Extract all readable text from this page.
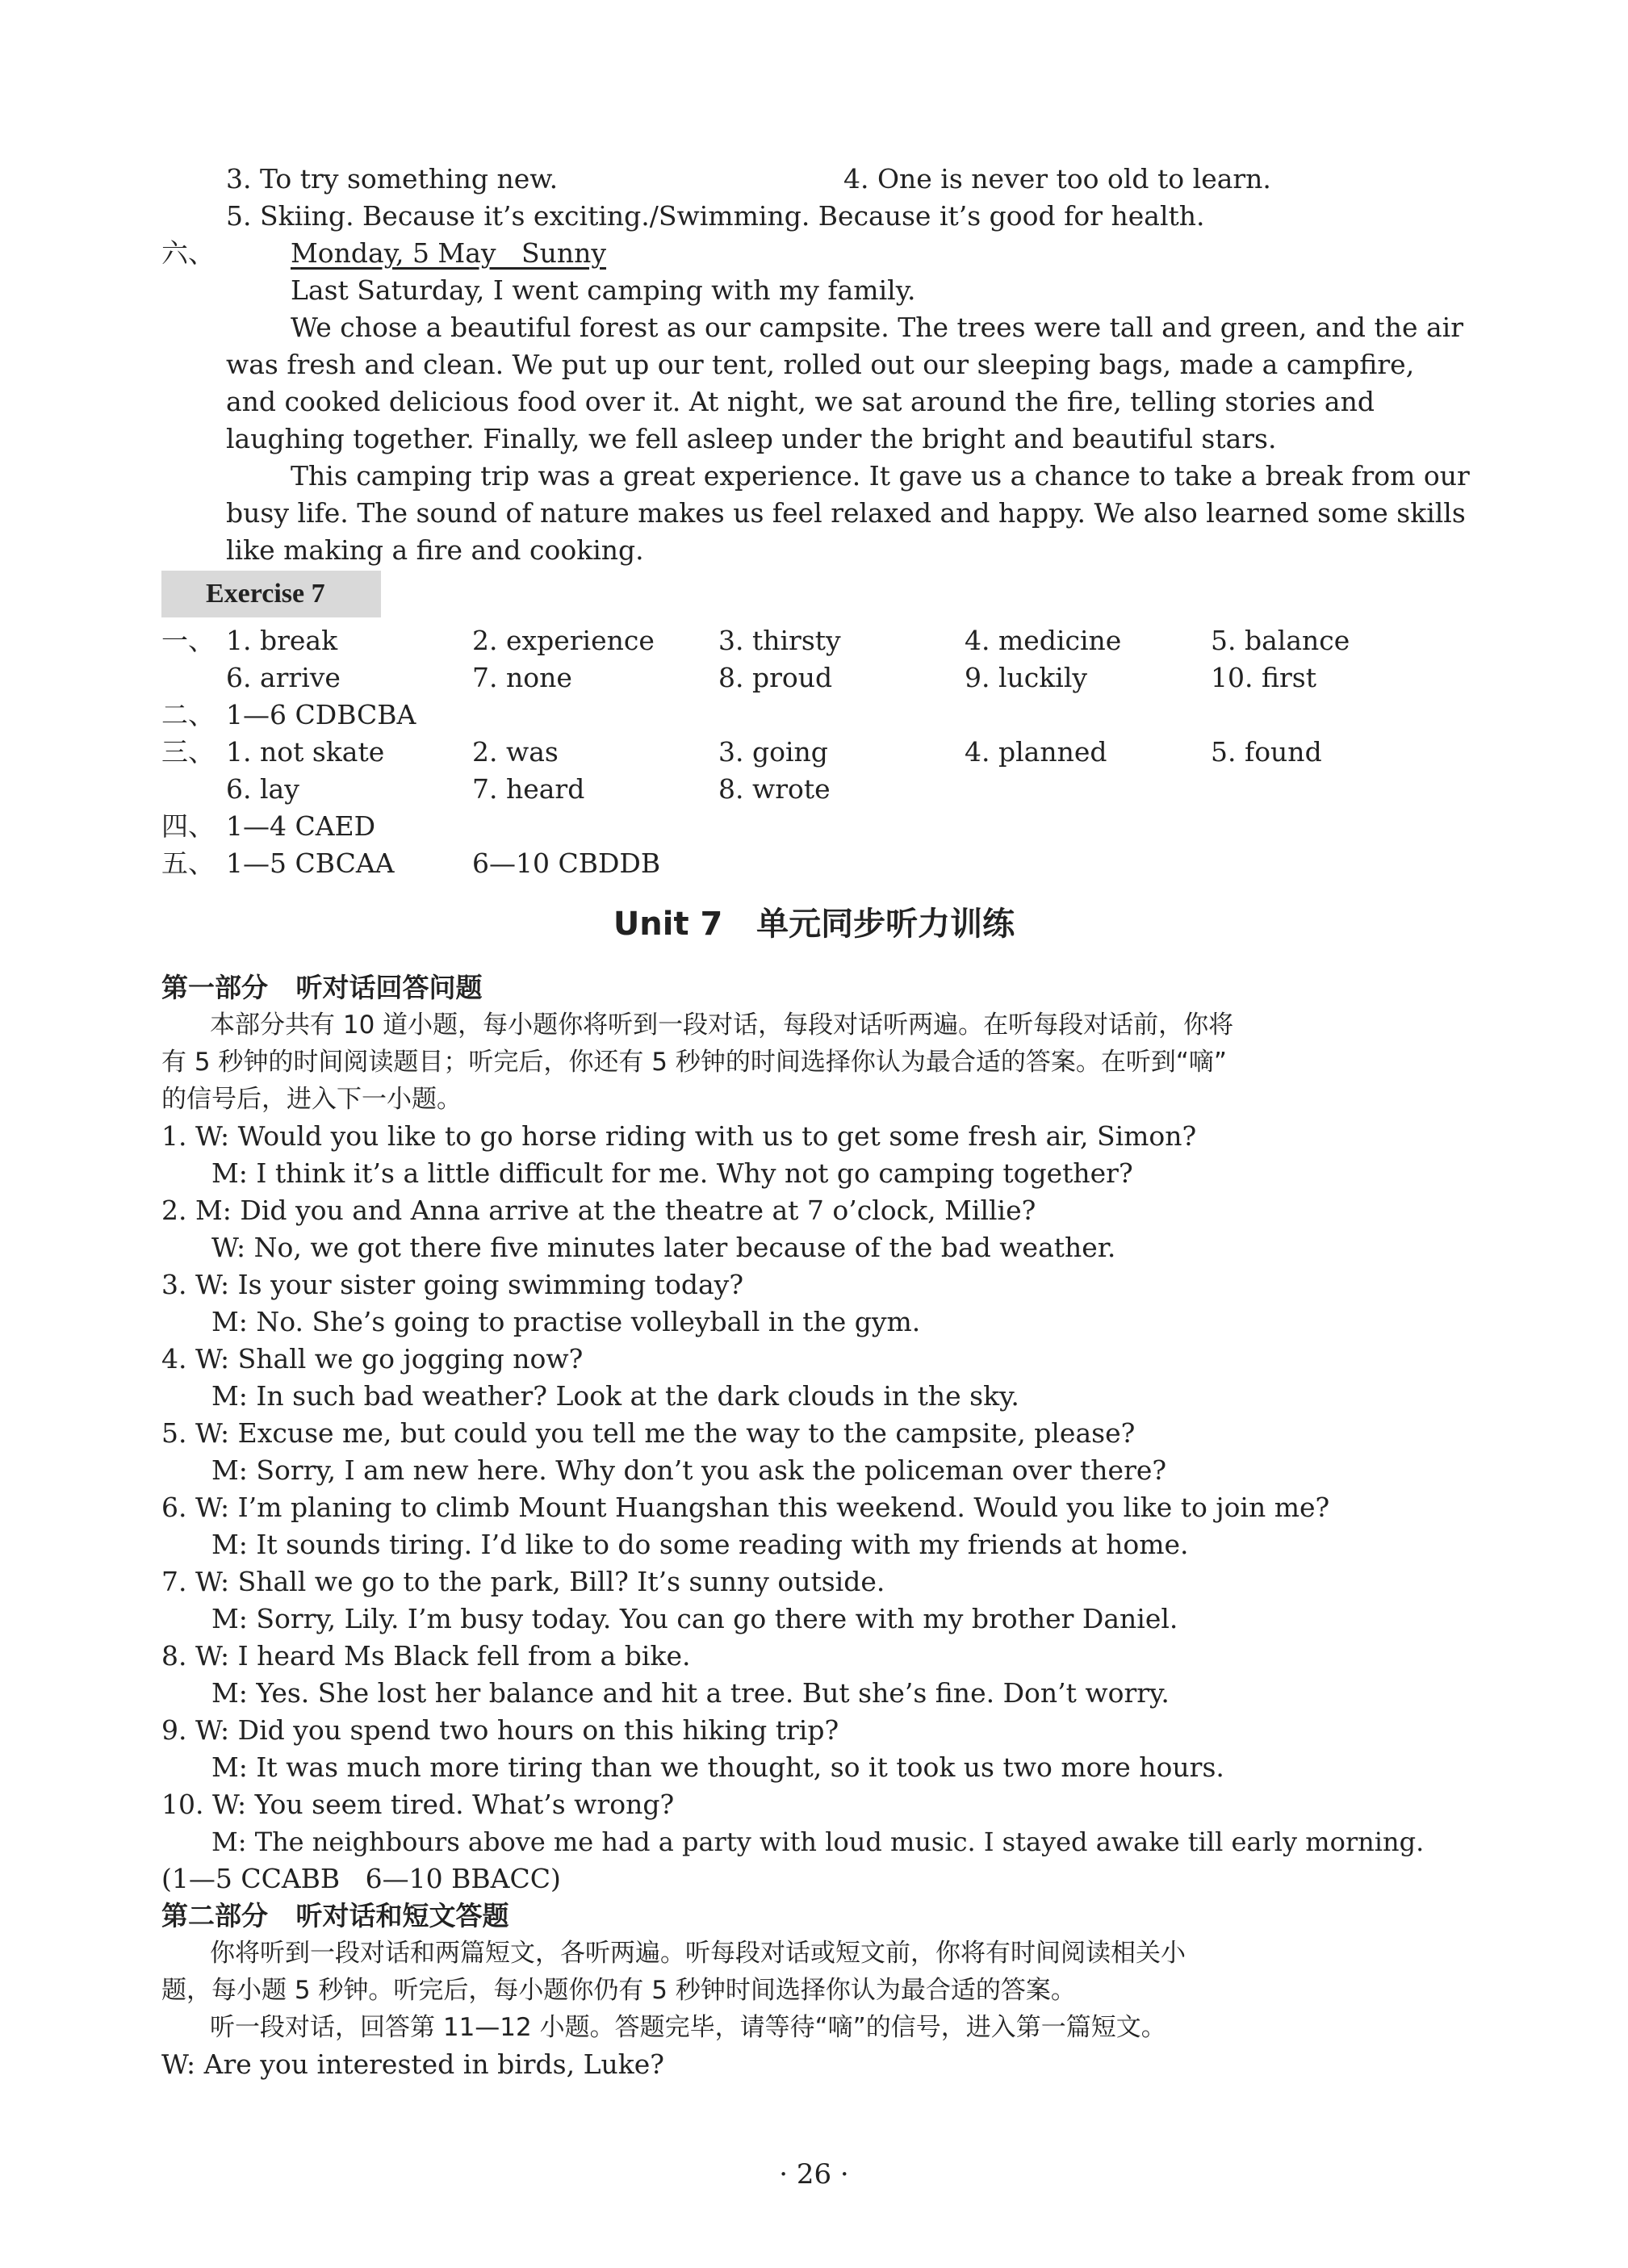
3. To try something new.	4. One is never too old to learn.
5. Skiing. Because it’s exciting./Swimming. Because it’s good for health.
六、	Monday, 5 May   Sunny
Last Saturday, I went camping with my family.
We chose a beautiful forest as our campsite. The trees were tall and green, and the air
was fresh and clean. We put up our tent, rolled out our sleeping bags, made a campfire,
and cooked delicious food over it. At night, we sat around the fire, telling stories and
laughing together. Finally, we fell asleep under the bright and beautiful stars.
This camping trip was a great experience. It gave us a chance to take a break from our
busy life. The sound of nature makes us feel relaxed and happy. We also learned some skills
like making a fire and cooking.
Exercise 7
一、 1. break	2. experience 3. thirsty	4. medicine	5. balance
6. arrive	7. none	8. proud	9. luckily	10. first
二、 1—6 CDBCBA
三、 1. not skate	2. was	3. going	4. planned	5. found
6. lay	7. heard	8. wrote
四、 1—4 CAED
五、 1—5 CBCAA	6—10 CBDDB
Unit 7   单元同步听力训练
第一部分   听对话回答问题
本部分共有 10 道小题，每小题你将听到一段对话，每段对话听两遍。在听每段对话前，你将
有 5 秒钟的时间阅读题目；听完后，你还有 5 秒钟的时间选择你认为最合适的答案。在听到“嘀”
的信号后，进入下一小题。
1. W: Would you like to go horse riding with us to get some fresh air, Simon?
M: I think it’s a little difficult for me. Why not go camping together?
2. M: Did you and Anna arrive at the theatre at 7 o’clock, Millie?
W: No, we got there five minutes later because of the bad weather.
3. W: Is your sister going swimming today?
M: No. She’s going to practise volleyball in the gym.
4. W: Shall we go jogging now?
M: In such bad weather? Look at the dark clouds in the sky.
5. W: Excuse me, but could you tell me the way to the campsite, please?
M: Sorry, I am new here. Why don’t you ask the policeman over there?
6. W: I’m planing to climb Mount Huangshan this weekend. Would you like to join me?
M: It sounds tiring. I’d like to do some reading with my friends at home.
7. W: Shall we go to the park, Bill? It’s sunny outside.
M: Sorry, Lily. I’m busy today. You can go there with my brother Daniel.
8. W: I heard Ms Black fell from a bike.
M: Yes. She lost her balance and hit a tree. But she’s fine. Don’t worry.
9. W: Did you spend two hours on this hiking trip?
M: It was much more tiring than we thought, so it took us two more hours.
10. W: You seem tired. What’s wrong?
M: The neighbours above me had a party with loud music. I stayed awake till early morning.
(1—5 CCABB   6—10 BBACC)
第二部分   听对话和短文答题
你将听到一段对话和两篇短文，各听两遍。听每段对话或短文前，你将有时间阅读相关小
题，每小题 5 秒钟。听完后，每小题你仍有 5 秒钟时间选择你认为最合适的答案。
听一段对话，回答第 11—12 小题。答题完毕，请等待“嘀”的信号，进入第一篇短文。
W: Are you interested in birds, Luke?
· 26 ·
